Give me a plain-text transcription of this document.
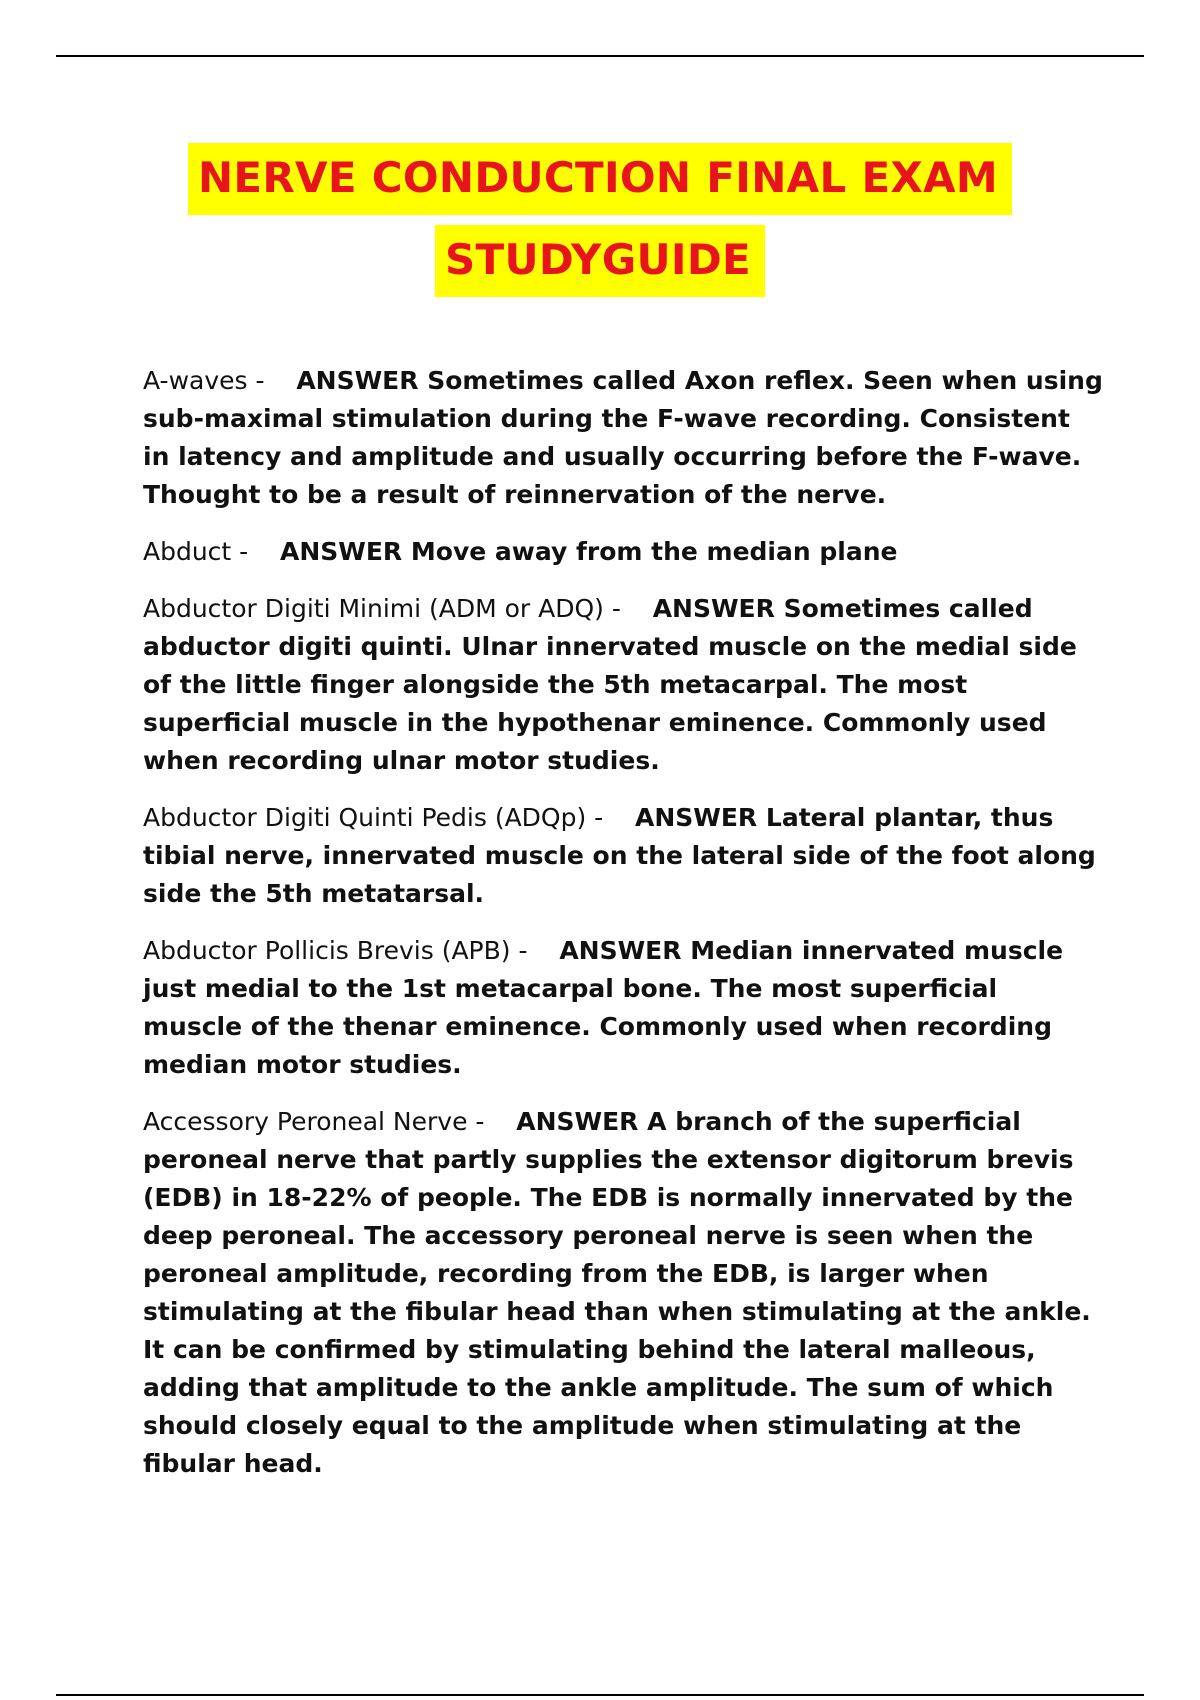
NERVE CONDUCTION FINAL EXAM
STUDYGUIDE

A-waves - ANSWER Sometimes called Axon reflex. Seen when using sub-maximal stimulation during the F-wave recording. Consistent in latency and amplitude and usually occurring before the F-wave. Thought to be a result of reinnervation of the nerve.

Abduct - ANSWER Move away from the median plane

Abductor Digiti Minimi (ADM or ADQ) - ANSWER Sometimes called abductor digiti quinti. Ulnar innervated muscle on the medial side of the little finger alongside the 5th metacarpal. The most superficial muscle in the hypothenar eminence. Commonly used when recording ulnar motor studies.

Abductor Digiti Quinti Pedis (ADQp) - ANSWER Lateral plantar, thus tibial nerve, innervated muscle on the lateral side of the foot along side the 5th metatarsal.

Abductor Pollicis Brevis (APB) - ANSWER Median innervated muscle just medial to the 1st metacarpal bone. The most superficial muscle of the thenar eminence. Commonly used when recording median motor studies.

Accessory Peroneal Nerve - ANSWER A branch of the superficial peroneal nerve that partly supplies the extensor digitorum brevis (EDB) in 18-22% of people. The EDB is normally innervated by the deep peroneal. The accessory peroneal nerve is seen when the peroneal amplitude, recording from the EDB, is larger when stimulating at the fibular head than when stimulating at the ankle. It can be confirmed by stimulating behind the lateral malleous, adding that amplitude to the ankle amplitude. The sum of which should closely equal to the amplitude when stimulating at the fibular head.
